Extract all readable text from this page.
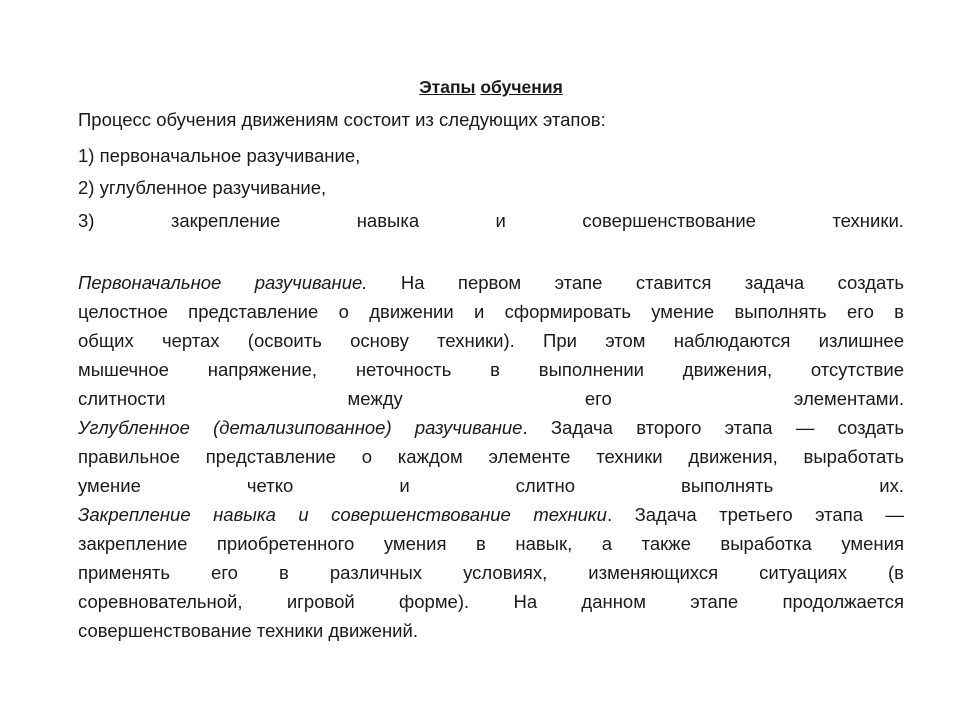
Этапы обучения
Процесс обучения движениям состоит из следующих этапов:
1) первоначальное разучивание,
2) углубленное разучивание,
3)	закрепление	навыка	и	совершенствование	техники.
Первоначальное разучивание. На первом этапе ставится задача создать
целостное представление о движении и сформировать умение выполнять его в
общих чертах (освоить основу техники). При этом наблюдаются излишнее
мышечное напряжение, неточность в выполнении движения, отсутствие
слитности	между	его	элементами.
Углубленное (детализипованное) разучивание. Задача второго этапа — создать
правильное представление о каждом элементе техники движения, выработать
умение	четко	и	слитно	выполнять	их.
Закрепление навыка и совершенствование техники. Задача третьего этапа —
закрепление приобретенного умения в навык, а также выработка умения
применять его в различных условиях, изменяющихся ситуациях (в
соревновательной, игровой форме). На данном этапе продолжается
совершенствование техники движений.
